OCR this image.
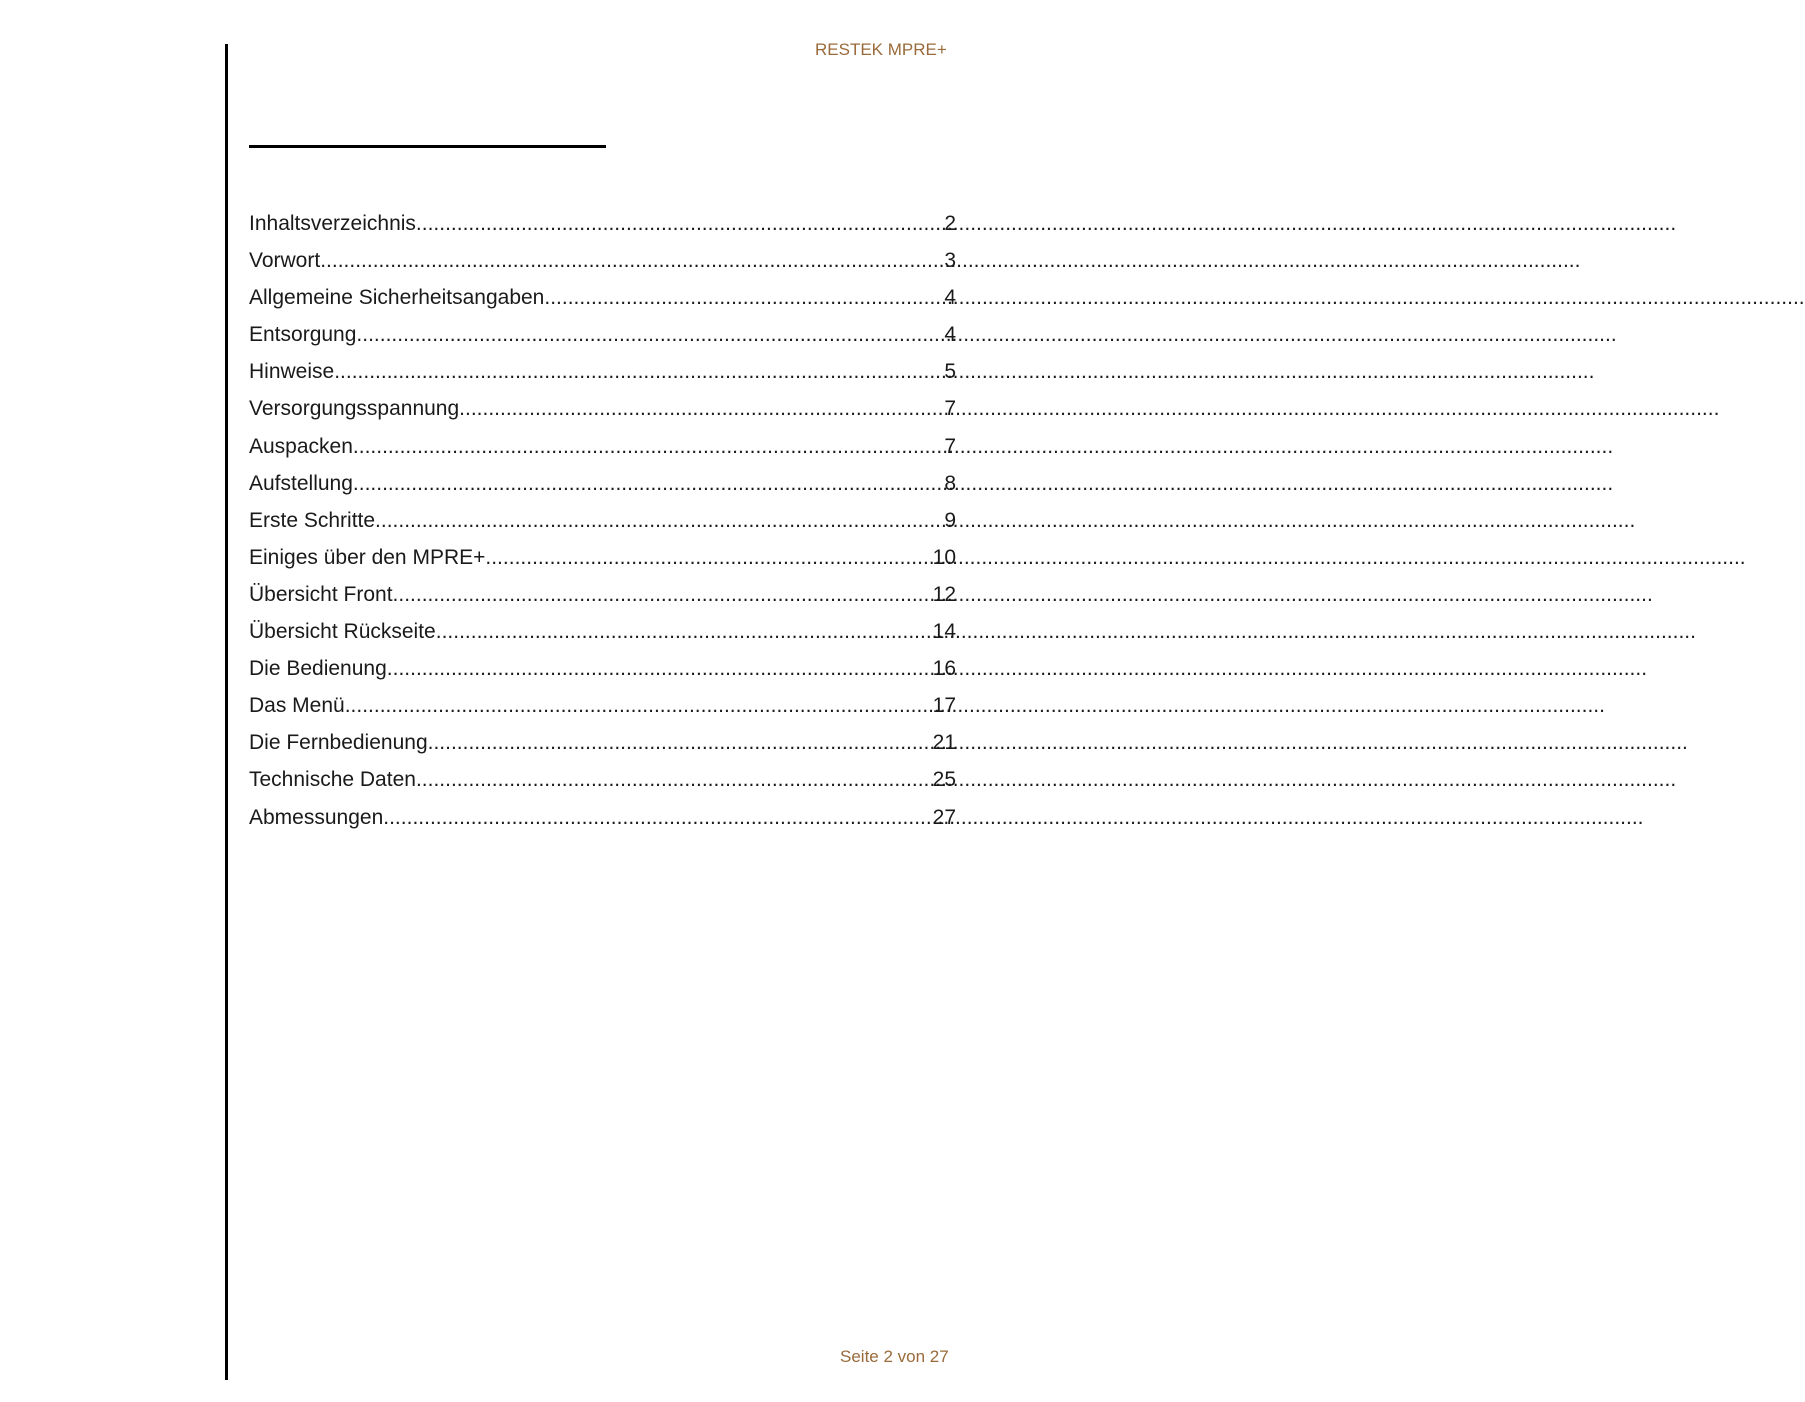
RESTEK MPRE+
Inhaltsverzeichnis .....	2
Vorwort .....	3
Allgemeine Sicherheitsangaben .....	4
Entsorgung .....	4
Hinweise .....	5
Versorgungsspannung .....	7
Auspacken .....	7
Aufstellung .....	8
Erste Schritte .....	9
Einiges über den MPRE+ .....	10
Übersicht Front .....	12
Übersicht Rückseite .....	14
Die Bedienung .....	16
Das Menü .....	17
Die Fernbedienung .....	21
Technische Daten .....	25
Abmessungen .....	27
Seite 2 von 27
